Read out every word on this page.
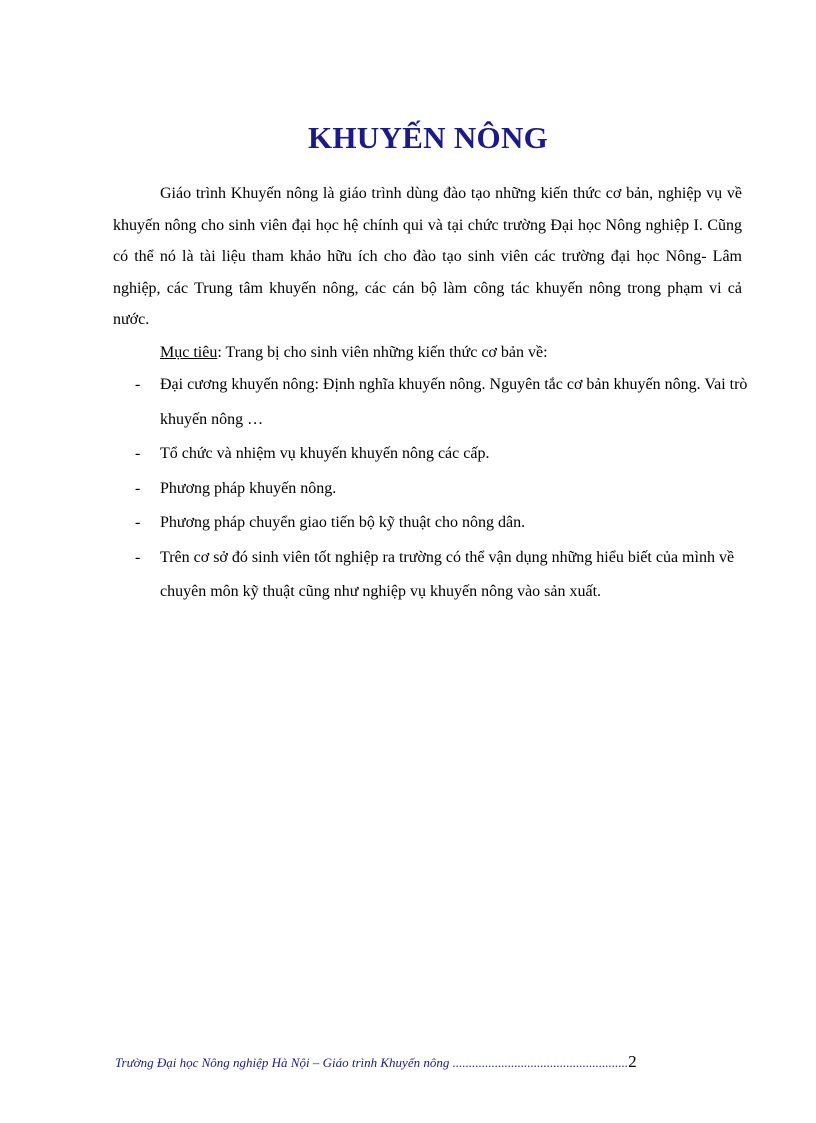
KHUYẾN NÔNG

Giáo trình Khuyến nông là giáo trình dùng đào tạo những kiến thức cơ bản, nghiệp vụ về khuyến nông cho sinh viên đại học hệ chính qui và tại chức trường Đại học Nông nghiệp I. Cũng có thể nó là tài liệu tham khảo hữu ích cho đào tạo sinh viên các trường đại học Nông- Lâm nghiệp, các Trung tâm khuyến nông, các cán bộ làm công tác khuyến nông trong phạm vi cả nước.

Mục tiêu: Trang bị cho sinh viên những kiến thức cơ bản về:

- Đại cương khuyến nông: Định nghĩa khuyến nông. Nguyên tắc cơ bản khuyến nông. Vai trò khuyến nông …
- Tổ chức và nhiệm vụ khuyến khuyến nông các cấp.
- Phương pháp khuyến nông.
- Phương pháp chuyển giao tiến bộ kỹ thuật cho nông dân.
- Trên cơ sở đó sinh viên tốt nghiệp ra trường có thể vận dụng những hiểu biết của mình về chuyên môn kỹ thuật cũng như nghiệp vụ khuyến nông vào sản xuất.
Trường Đại học Nông nghiệp Hà Nội – Giáo trình Khuyến nông ......................................................2
